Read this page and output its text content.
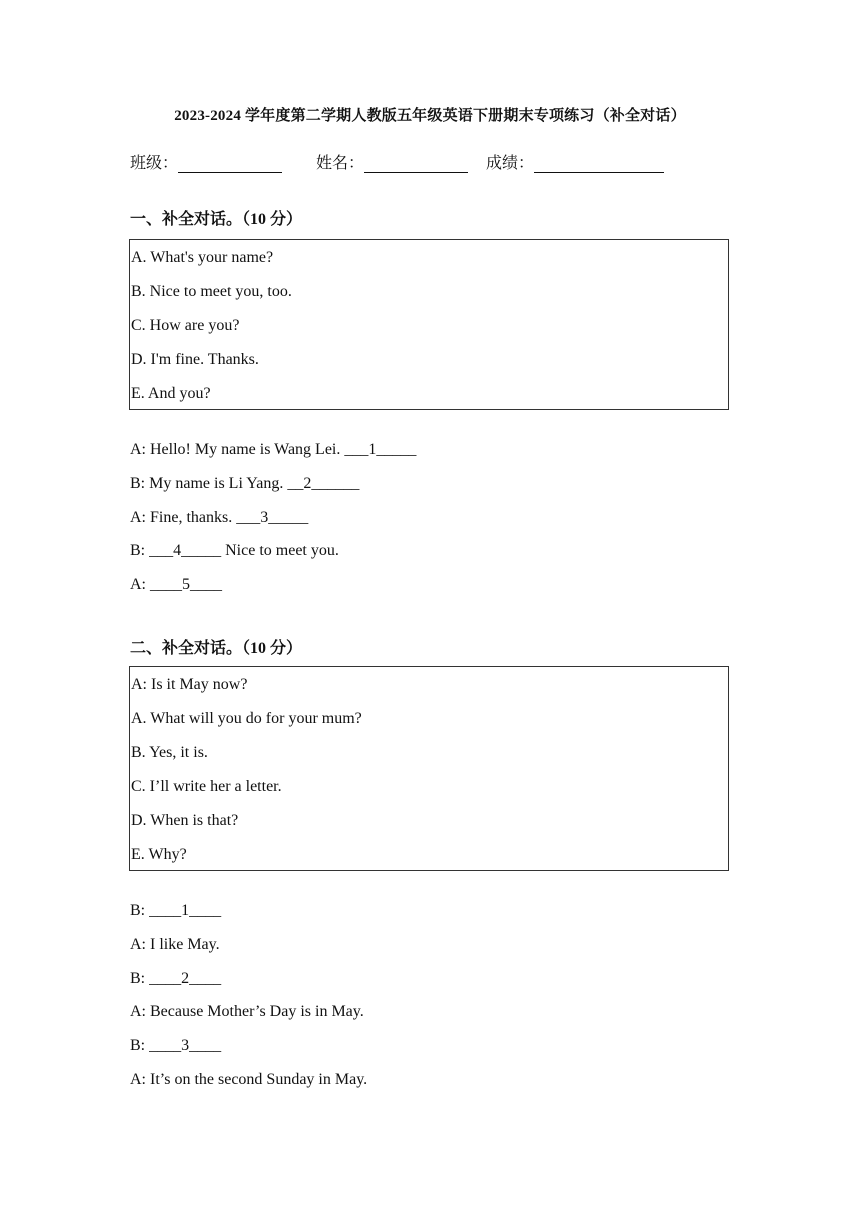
2023-2024 学年度第二学期人教版五年级英语下册期末专项练习（补全对话）
班级：	姓名：	成绩：
一、补全对话。（10 分）
A. What's your name?
B. Nice to meet you, too.
C. How are you?
D. I'm fine. Thanks.
E. And you?
A: Hello! My name is Wang Lei. ___1_____
B: My name is Li Yang. __2______
A: Fine, thanks. ___3_____
B: ___4_____ Nice to meet you.
A: ____5____
二、补全对话。（10 分）
A: Is it May now?
A. What will you do for your mum?
B. Yes, it is.
C. I’ll write her a letter.
D. When is that?
E. Why?
B: ____1____
A: I like May.
B: ____2____
A: Because Mother’s Day is in May.
B: ____3____
A: It’s on the second Sunday in May.
